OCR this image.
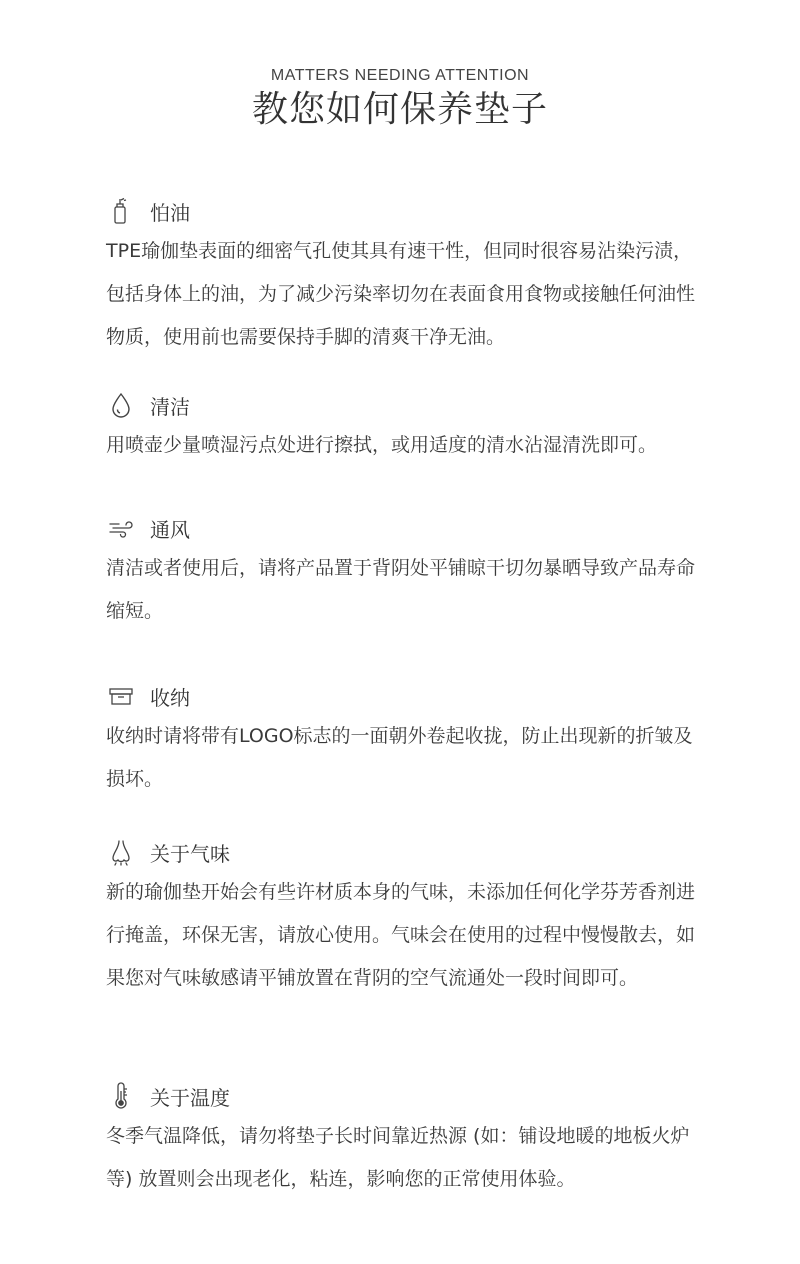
MATTERS NEEDING ATTENTION
教您如何保养垫子
怕油
TPE瑜伽垫表面的细密气孔使其具有速干性，但同时很容易沾染污渍，包括身体上的油，为了减少污染率切勿在表面食用食物或接触任何油性物质，使用前也需要保持手脚的清爽干净无油。
清洁
用喷壶少量喷湿污点处进行擦拭，或用适度的清水沾湿清洗即可。
通风
清洁或者使用后，请将产品置于背阴处平铺晾干切勿暴晒导致产品寿命缩短。
收纳
收纳时请将带有LOGO标志的一面朝外卷起收拢，防止出现新的折皱及损坏。
关于气味
新的瑜伽垫开始会有些许材质本身的气味，未添加任何化学芬芳香剂进行掩盖，环保无害，请放心使用。气味会在使用的过程中慢慢散去，如果您对气味敏感请平铺放置在背阴的空气流通处一段时间即可。
关于温度
冬季气温降低，请勿将垫子长时间靠近热源 (如：铺设地暖的地板火炉等) 放置则会出现老化，粘连，影响您的正常使用体验。
